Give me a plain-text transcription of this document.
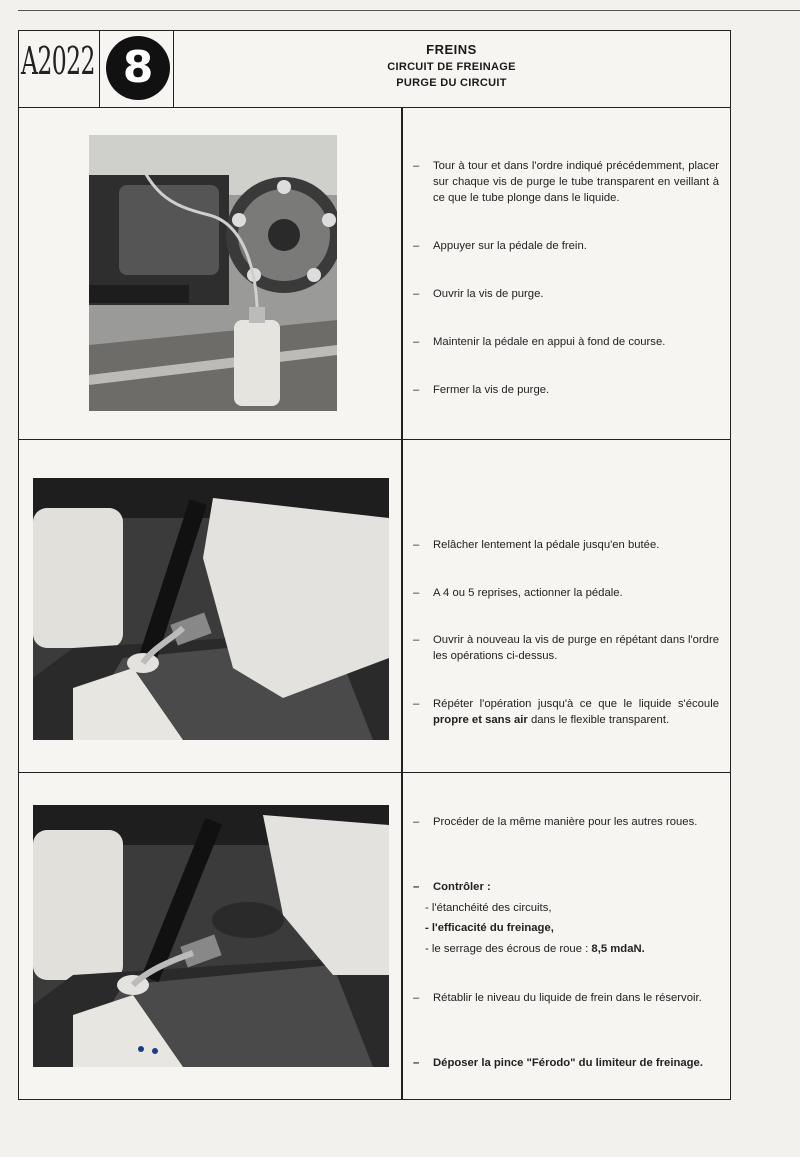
A2022 8	FREINS
CIRCUIT DE FREINAGE
PURGE DU CIRCUIT
– Tour à tour et dans l'ordre indiqué précédemment, placer sur chaque vis de purge le tube transparent en veillant à ce que le tube plonge dans le liquide.
– Appuyer sur la pédale de frein.
– Ouvrir la vis de purge.
– Maintenir la pédale en appui à fond de course.
– Fermer la vis de purge.
– Relâcher lentement la pédale jusqu'en butée.
– A 4 ou 5 reprises, actionner la pédale.
– Ouvrir à nouveau la vis de purge en répétant dans l'ordre les opérations ci-dessus.
– Répéter l'opération jusqu'à ce que le liquide s'écoule propre et sans air dans le flexible transparent.
– Procéder de la même manière pour les autres roues.
– Contrôler :
- l'étanchéité des circuits,
- l'efficacité du freinage,
- le serrage des écrous de roue : 8,5 mdaN.
– Rétablir le niveau du liquide de frein dans le réservoir.
– Déposer la pince "Férodo" du limiteur de freinage.
